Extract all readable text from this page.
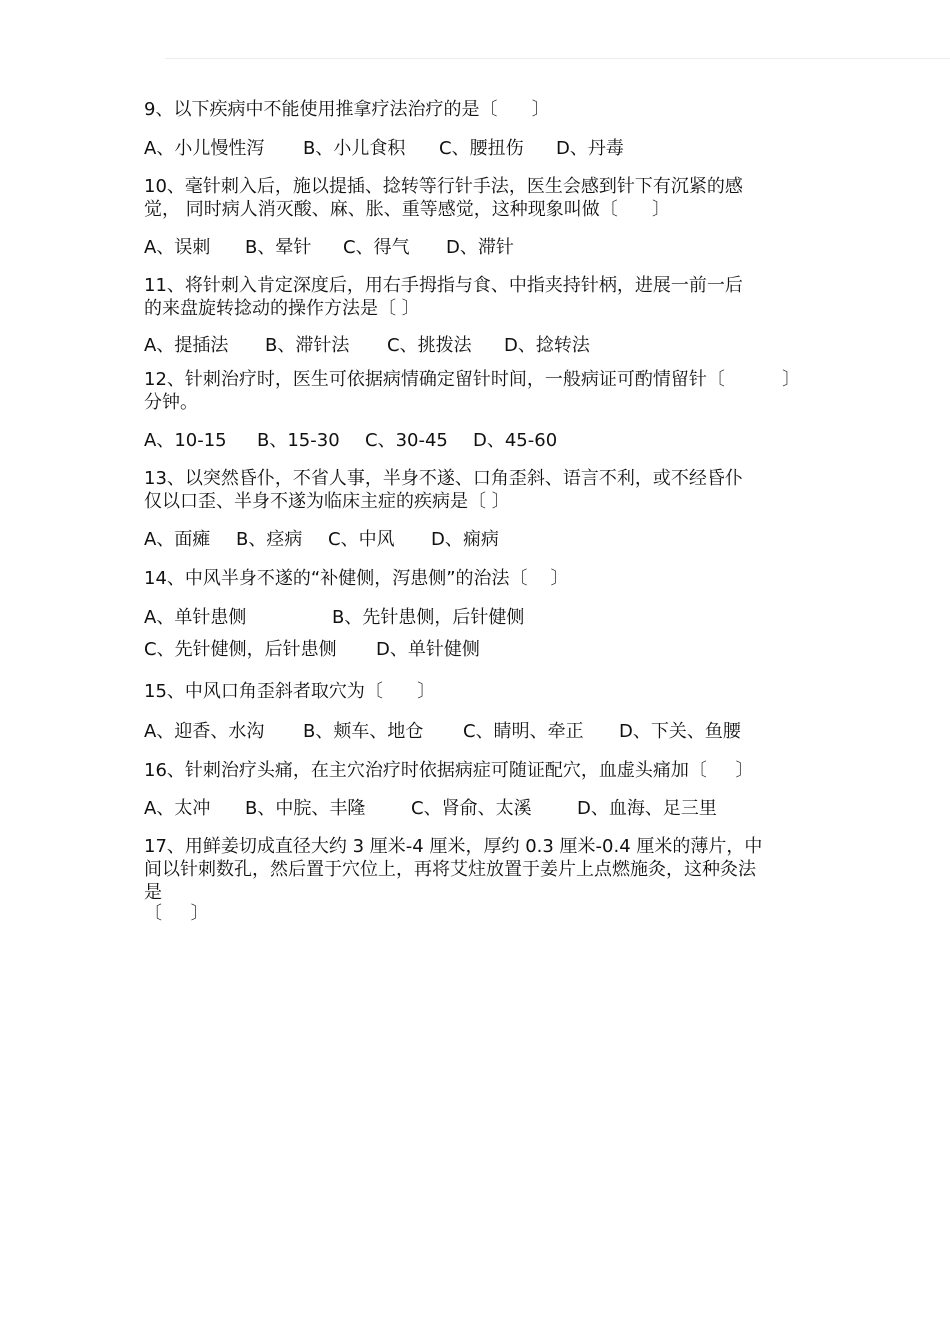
9、以下疾病中不能使用推拿疗法治疗的是〔      〕

A、小儿慢性泻 B、小儿食积 C、腰扭伤 D、丹毒

10、毫针刺入后，施以提插、捻转等行针手法，医生会感到针下有沉紧的感

觉， 同时病人消灭酸、麻、胀、重等感觉，这种现象叫做〔      〕

A、误刺 B、晕针 C、得气 D、滞针

11、将针刺入肯定深度后，用右手拇指与食、中指夹持针柄，进展一前一后

的来盘旋转捻动的操作方法是〔 〕

A、提插法 B、滞针法 C、挑拨法 D、捻转法

12、针刺治疗时，医生可依据病情确定留针时间，一般病证可酌情留针〔          〕

分钟。

A、10-15 B、15-30 C、30-45 D、45-60

13、以突然昏仆，不省人事，半身不遂、口角歪斜、语言不利，或不经昏仆

仅以口歪、半身不遂为临床主症的疾病是〔 〕

A、面瘫 B、痉病 C、中风 D、痫病

14、中风半身不遂的“补健侧，泻患侧”的治法〔    〕

A、单针患侧	B、先针患侧，后针健侧

C、先针健侧，后针患侧 D、单针健侧

15、中风口角歪斜者取穴为〔      〕

A、迎香、水沟 B、颊车、地仓 C、睛明、牵正 D、下关、鱼腰

16、针刺治疗头痛，在主穴治疗时依据病症可随证配穴，血虚头痛加〔     〕

A、太冲 B、中脘、丰隆	C、肾俞、太溪	D、血海、足三里

17、用鲜姜切成直径大约 3 厘米-4 厘米，厚约 0.3 厘米-0.4 厘米的薄片，中

间以针刺数孔，然后置于穴位上，再将艾炷放置于姜片上点燃施灸，这种灸法

是

〔     〕
